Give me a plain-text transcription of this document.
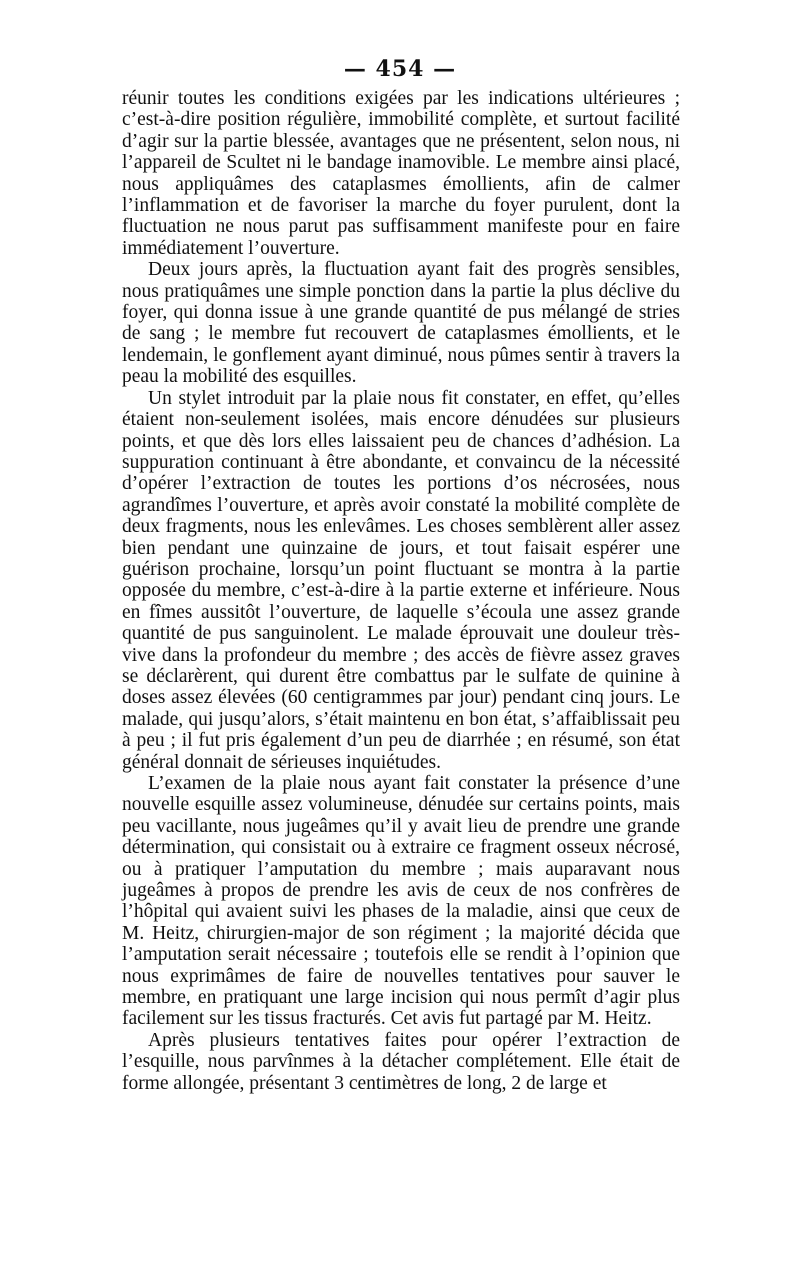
— 454 —

réunir toutes les conditions exigées par les indications ultérieures ; c’est-à-dire position régulière, immobilité complète, et surtout facilité d’agir sur la partie blessée, avantages que ne présentent, selon nous, ni l’appareil de Scultet ni le bandage inamovible. Le membre ainsi placé, nous appliquâmes des cataplasmes émollients, afin de calmer l’inflammation et de favoriser la marche du foyer purulent, dont la fluctuation ne nous parut pas suffisamment manifeste pour en faire immédiatement l’ouverture.

Deux jours après, la fluctuation ayant fait des progrès sensibles, nous pratiquâmes une simple ponction dans la partie la plus déclive du foyer, qui donna issue à une grande quantité de pus mélangé de stries de sang ; le membre fut recouvert de cataplasmes émollients, et le lendemain, le gonflement ayant diminué, nous pûmes sentir à travers la peau la mobilité des esquilles.

Un stylet introduit par la plaie nous fit constater, en effet, qu’elles étaient non-seulement isolées, mais encore dénudées sur plusieurs points, et que dès lors elles laissaient peu de chances d’adhésion. La suppuration continuant à être abondante, et convaincu de la nécessité d’opérer l’extraction de toutes les portions d’os nécrosées, nous agrandîmes l’ouverture, et après avoir constaté la mobilité complète de deux fragments, nous les enlevâmes. Les choses semblèrent aller assez bien pendant une quinzaine de jours, et tout faisait espérer une guérison prochaine, lorsqu’un point fluctuant se montra à la partie opposée du membre, c’est-à-dire à la partie externe et inférieure. Nous en fîmes aussitôt l’ouverture, de laquelle s’écoula une assez grande quantité de pus sanguinolent. Le malade éprouvait une douleur très-vive dans la profondeur du membre ; des accès de fièvre assez graves se déclarèrent, qui durent être combattus par le sulfate de quinine à doses assez élevées (60 centigrammes par jour) pendant cinq jours. Le malade, qui jusqu’alors, s’était maintenu en bon état, s’affaiblissait peu à peu ; il fut pris également d’un peu de diarrhée ; en résumé, son état général donnait de sérieuses inquiétudes.

L’examen de la plaie nous ayant fait constater la présence d’une nouvelle esquille assez volumineuse, dénudée sur certains points, mais peu vacillante, nous jugeâmes qu’il y avait lieu de prendre une grande détermination, qui consistait ou à extraire ce fragment osseux nécrosé, ou à pratiquer l’amputation du membre ; mais auparavant nous jugeâmes à propos de prendre les avis de ceux de nos confrères de l’hôpital qui avaient suivi les phases de la maladie, ainsi que ceux de M. Heitz, chirurgien-major de son régiment ; la majorité décida que l’amputation serait nécessaire ; toutefois elle se rendit à l’opinion que nous exprimâmes de faire de nouvelles tentatives pour sauver le membre, en pratiquant une large incision qui nous permît d’agir plus facilement sur les tissus fracturés. Cet avis fut partagé par M. Heitz.

Après plusieurs tentatives faites pour opérer l’extraction de l’esquille, nous parvînmes à la détacher complétement. Elle était de forme allongée, présentant 3 centimètres de long, 2 de large et
